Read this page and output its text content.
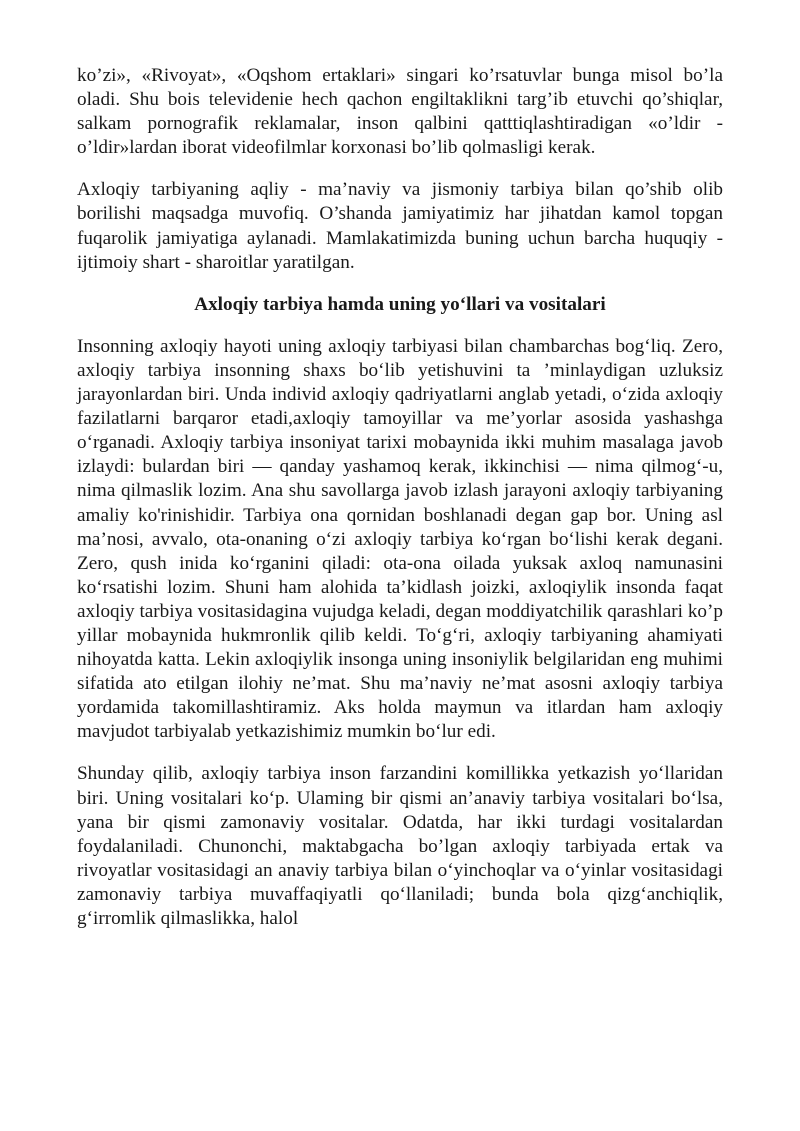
ko’zi», «Rivoyat», «Oqshom ertaklari» singari ko’rsatuvlar bunga misol bo’la oladi. Shu bois televidenie hech qachon engiltaklikni targ’ib etuvchi qo’shiqlar, salkam pornografik reklamalar, inson qalbini qatttiqlashtiradigan «o’ldir - o’ldir»lardan iborat videofilmlar korxonasi bo’lib qolmasligi kerak.

Axloqiy tarbiyaning aqliy - ma’naviy va jismoniy tarbiya bilan qo’shib olib borilishi maqsadga muvofiq. O’shanda jamiyatimiz har jihatdan kamol topgan fuqarolik jamiyatiga aylanadi. Mamlakatimizda buning uchun barcha huquqiy - ijtimoiy shart - sharoitlar yaratilgan.

Axloqiy tarbiya hamda uning yo‘llari va vositalari

Insonning axloqiy hayoti uning axloqiy tarbiyasi bilan chambarchas bog‘liq. Zero, axloqiy tarbiya insonning shaxs bo‘lib yetishuvini ta ’minlaydigan uzluksiz jarayonlardan biri. Unda individ axloqiy qadriyatlarni anglab yetadi, o‘zida axloqiy fazilatlarni barqaror etadi,axloqiy tamoyillar va me’yorlar asosida yashashga o‘rganadi. Axloqiy tarbiya insoniyat tarixi mobaynida ikki muhim masalaga javob izlaydi: bulardan biri — qanday yashamoq kerak, ikkinchisi — nima qilmog‘-u, nima qilmaslik lozim. Ana shu savollarga javob izlash jarayoni axloqiy tarbiyaning amaliy ko'rinishidir. Tarbiya ona qornidan boshlanadi degan gap bor. Uning asl ma’nosi, avvalo, ota-onaning o‘zi axloqiy tarbiya ko‘rgan bo‘lishi kerak degani. Zero, qush inida ko‘rganini qiladi: ota-ona oilada yuksak axloq namunasini ko‘rsatishi lozim. Shuni ham alohida ta’kidlash joizki, axloqiylik insonda faqat axloqiy tarbiya vositasidagina vujudga keladi, degan moddiyatchilik qarashlari ko’p yillar mobaynida hukmronlik qilib keldi. To‘g‘ri, axloqiy tarbiyaning ahamiyati nihoyatda katta. Lekin axloqiylik insonga uning insoniylik belgilaridan eng muhimi sifatida ato etilgan ilohiy ne’mat. Shu ma’naviy ne’mat asosni axloqiy tarbiya yordamida takomillashtiramiz. Aks holda maymun va itlardan ham axloqiy mavjudot tarbiyalab yetkazishimiz mumkin bo‘lur edi.

Shunday qilib, axloqiy tarbiya inson farzandini komillikka yetkazish yo‘llaridan biri. Uning vositalari ko‘p. Ulaming bir qismi an’anaviy tarbiya vositalari bo‘lsa, yana bir qismi zamonaviy vositalar. Odatda, har ikki turdagi vositalardan foydalaniladi. Chunonchi, maktabgacha bo’lgan axloqiy tarbiyada ertak va rivoyatlar vositasidagi an anaviy tarbiya bilan o‘yinchoqlar va o‘yinlar vositasidagi zamonaviy tarbiya muvaffaqiyatli qo‘llaniladi; bunda bola qizg‘anchiqlik, g‘irromlik qilmaslikka, halol
